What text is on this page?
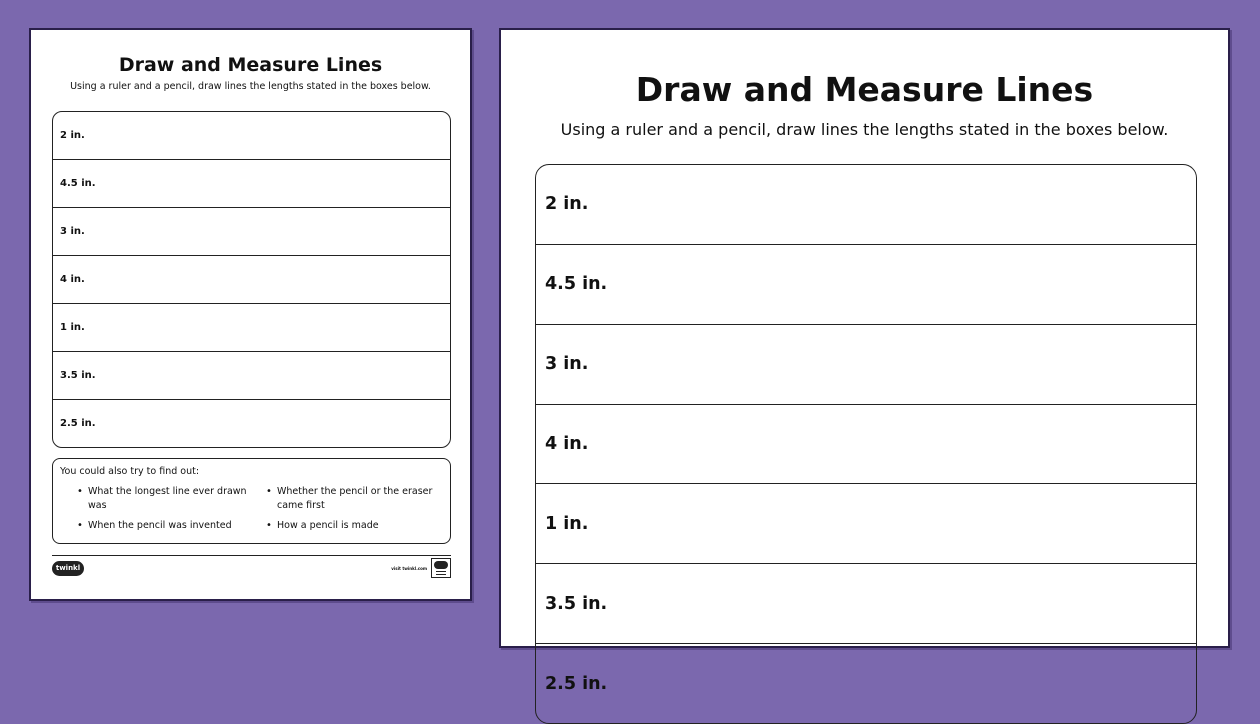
Draw and Measure Lines

Using a ruler and a pencil, draw lines the lengths stated in the boxes below.

2 in.
4.5 in.
3 in.
4 in.
1 in.
3.5 in.
2.5 in.
You could also try to find out:
• What the longest line ever drawn was
• Whether the pencil or the eraser came first
• When the pencil was invented
•	How a pencil is made
twinkl	visit twinkl.com
Draw and Measure Lines

Using a ruler and a pencil, draw lines the lengths stated in the boxes below.

2 in.
4.5 in.
3 in.
4 in.
1 in.
3.5 in.
2.5 in.
